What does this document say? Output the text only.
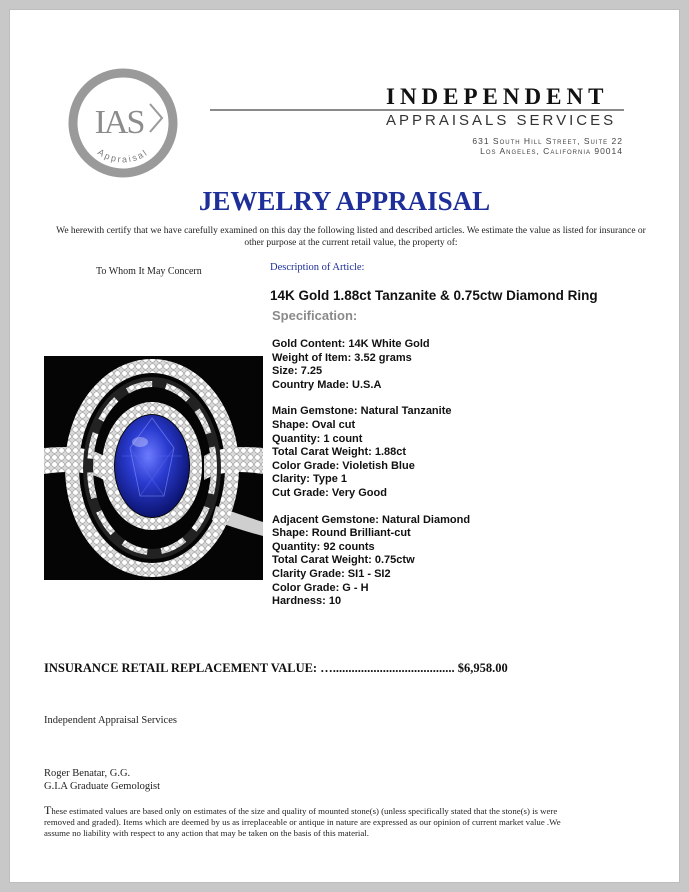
IAS
Appraisal
INDEPENDENT
APPRAISALS SERVICES
631 South Hill Street, Suite 22
Los Angeles, California 90014
JEWELRY APPRAISAL
We herewith certify that we have carefully examined on this day the following listed and described articles. We estimate the value as listed for insurance or other purpose at the current retail value, the property of:
To Whom It May Concern	Description of Article:
14K Gold 1.88ct Tanzanite & 0.75ctw Diamond Ring
Specification:
Gold Content: 14K White Gold
Weight of Item: 3.52 grams
Size: 7.25
Country Made: U.S.A
Main Gemstone: Natural Tanzanite
Shape: Oval cut
Quantity: 1 count
Total Carat Weight: 1.88ct
Color Grade: Violetish Blue
Clarity: Type 1
Cut Grade: Very Good
Adjacent Gemstone: Natural Diamond
Shape: Round Brilliant-cut
Quantity: 92 counts
Total Carat Weight: 0.75ctw
Clarity Grade: SI1 - SI2
Color Grade: G - H
Hardness: 10
INSURANCE RETAIL REPLACEMENT VALUE: …....................................... $6,958.00
Independent Appraisal Services
Roger Benatar, G.G.
G.I.A Graduate Gemologist
These estimated values are based only on estimates of the size and quality of mounted stone(s) (unless specifically stated that the stone(s) is were removed and graded). Items which are deemed by us as irreplaceable or antique in nature are expressed as our opinion of current market value .We assume no liability with respect to any action that may be taken on the basis of this material.
